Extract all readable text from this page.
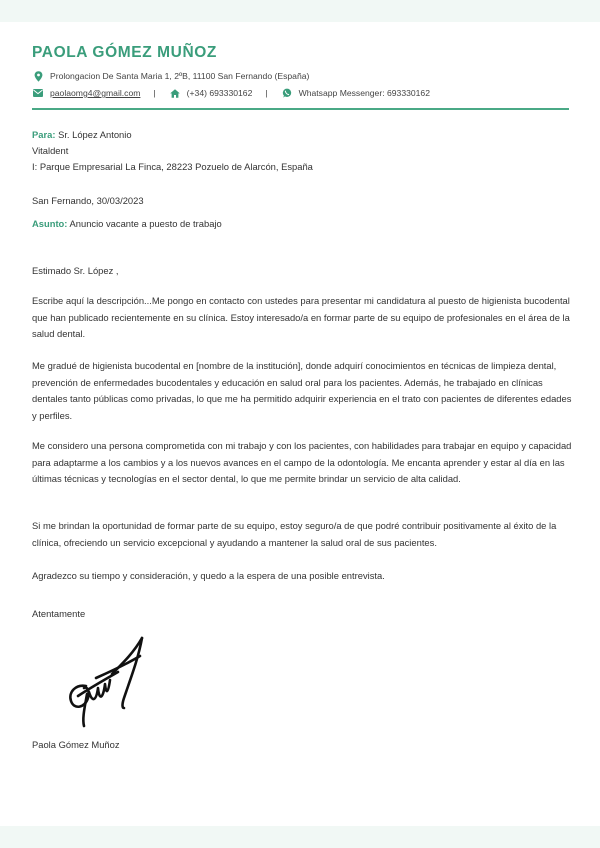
PAOLA GÓMEZ MUÑOZ
Prolongacion De Santa Maria 1, 2ºB, 11100 San Fernando (España)
paolaomg4@gmail.com |	(+34) 693330162 |	Whatsapp Messenger: 693330162
Para: Sr. López Antonio
Vitaldent
I: Parque Empresarial La Finca, 28223 Pozuelo de Alarcón, España
San Fernando, 30/03/2023
Asunto: Anuncio vacante a puesto de trabajo
Estimado Sr. López ,
Escribe aquí la descripción...Me pongo en contacto con ustedes para presentar mi candidatura al puesto de higienista bucodental que han publicado recientemente en su clínica. Estoy interesado/a en formar parte de su equipo de profesionales en el área de la salud dental.
Me gradué de higienista bucodental en [nombre de la institución], donde adquirí conocimientos en técnicas de limpieza dental, prevención de enfermedades bucodentales y educación en salud oral para los pacientes. Además, he trabajado en clínicas dentales tanto públicas como privadas, lo que me ha permitido adquirir experiencia en el trato con pacientes de diferentes edades y perfiles.
Me considero una persona comprometida con mi trabajo y con los pacientes, con habilidades para trabajar en equipo y capacidad para adaptarme a los cambios y a los nuevos avances en el campo de la odontología. Me encanta aprender y estar al día en las últimas técnicas y tecnologías en el sector dental, lo que me permite brindar un servicio de alta calidad.
Si me brindan la oportunidad de formar parte de su equipo, estoy seguro/a de que podré contribuir positivamente al éxito de la clínica, ofreciendo un servicio excepcional y ayudando a mantener la salud oral de sus pacientes.
Agradezco su tiempo y consideración, y quedo a la espera de una posible entrevista.
Atentamente
Paola Gómez Muñoz
